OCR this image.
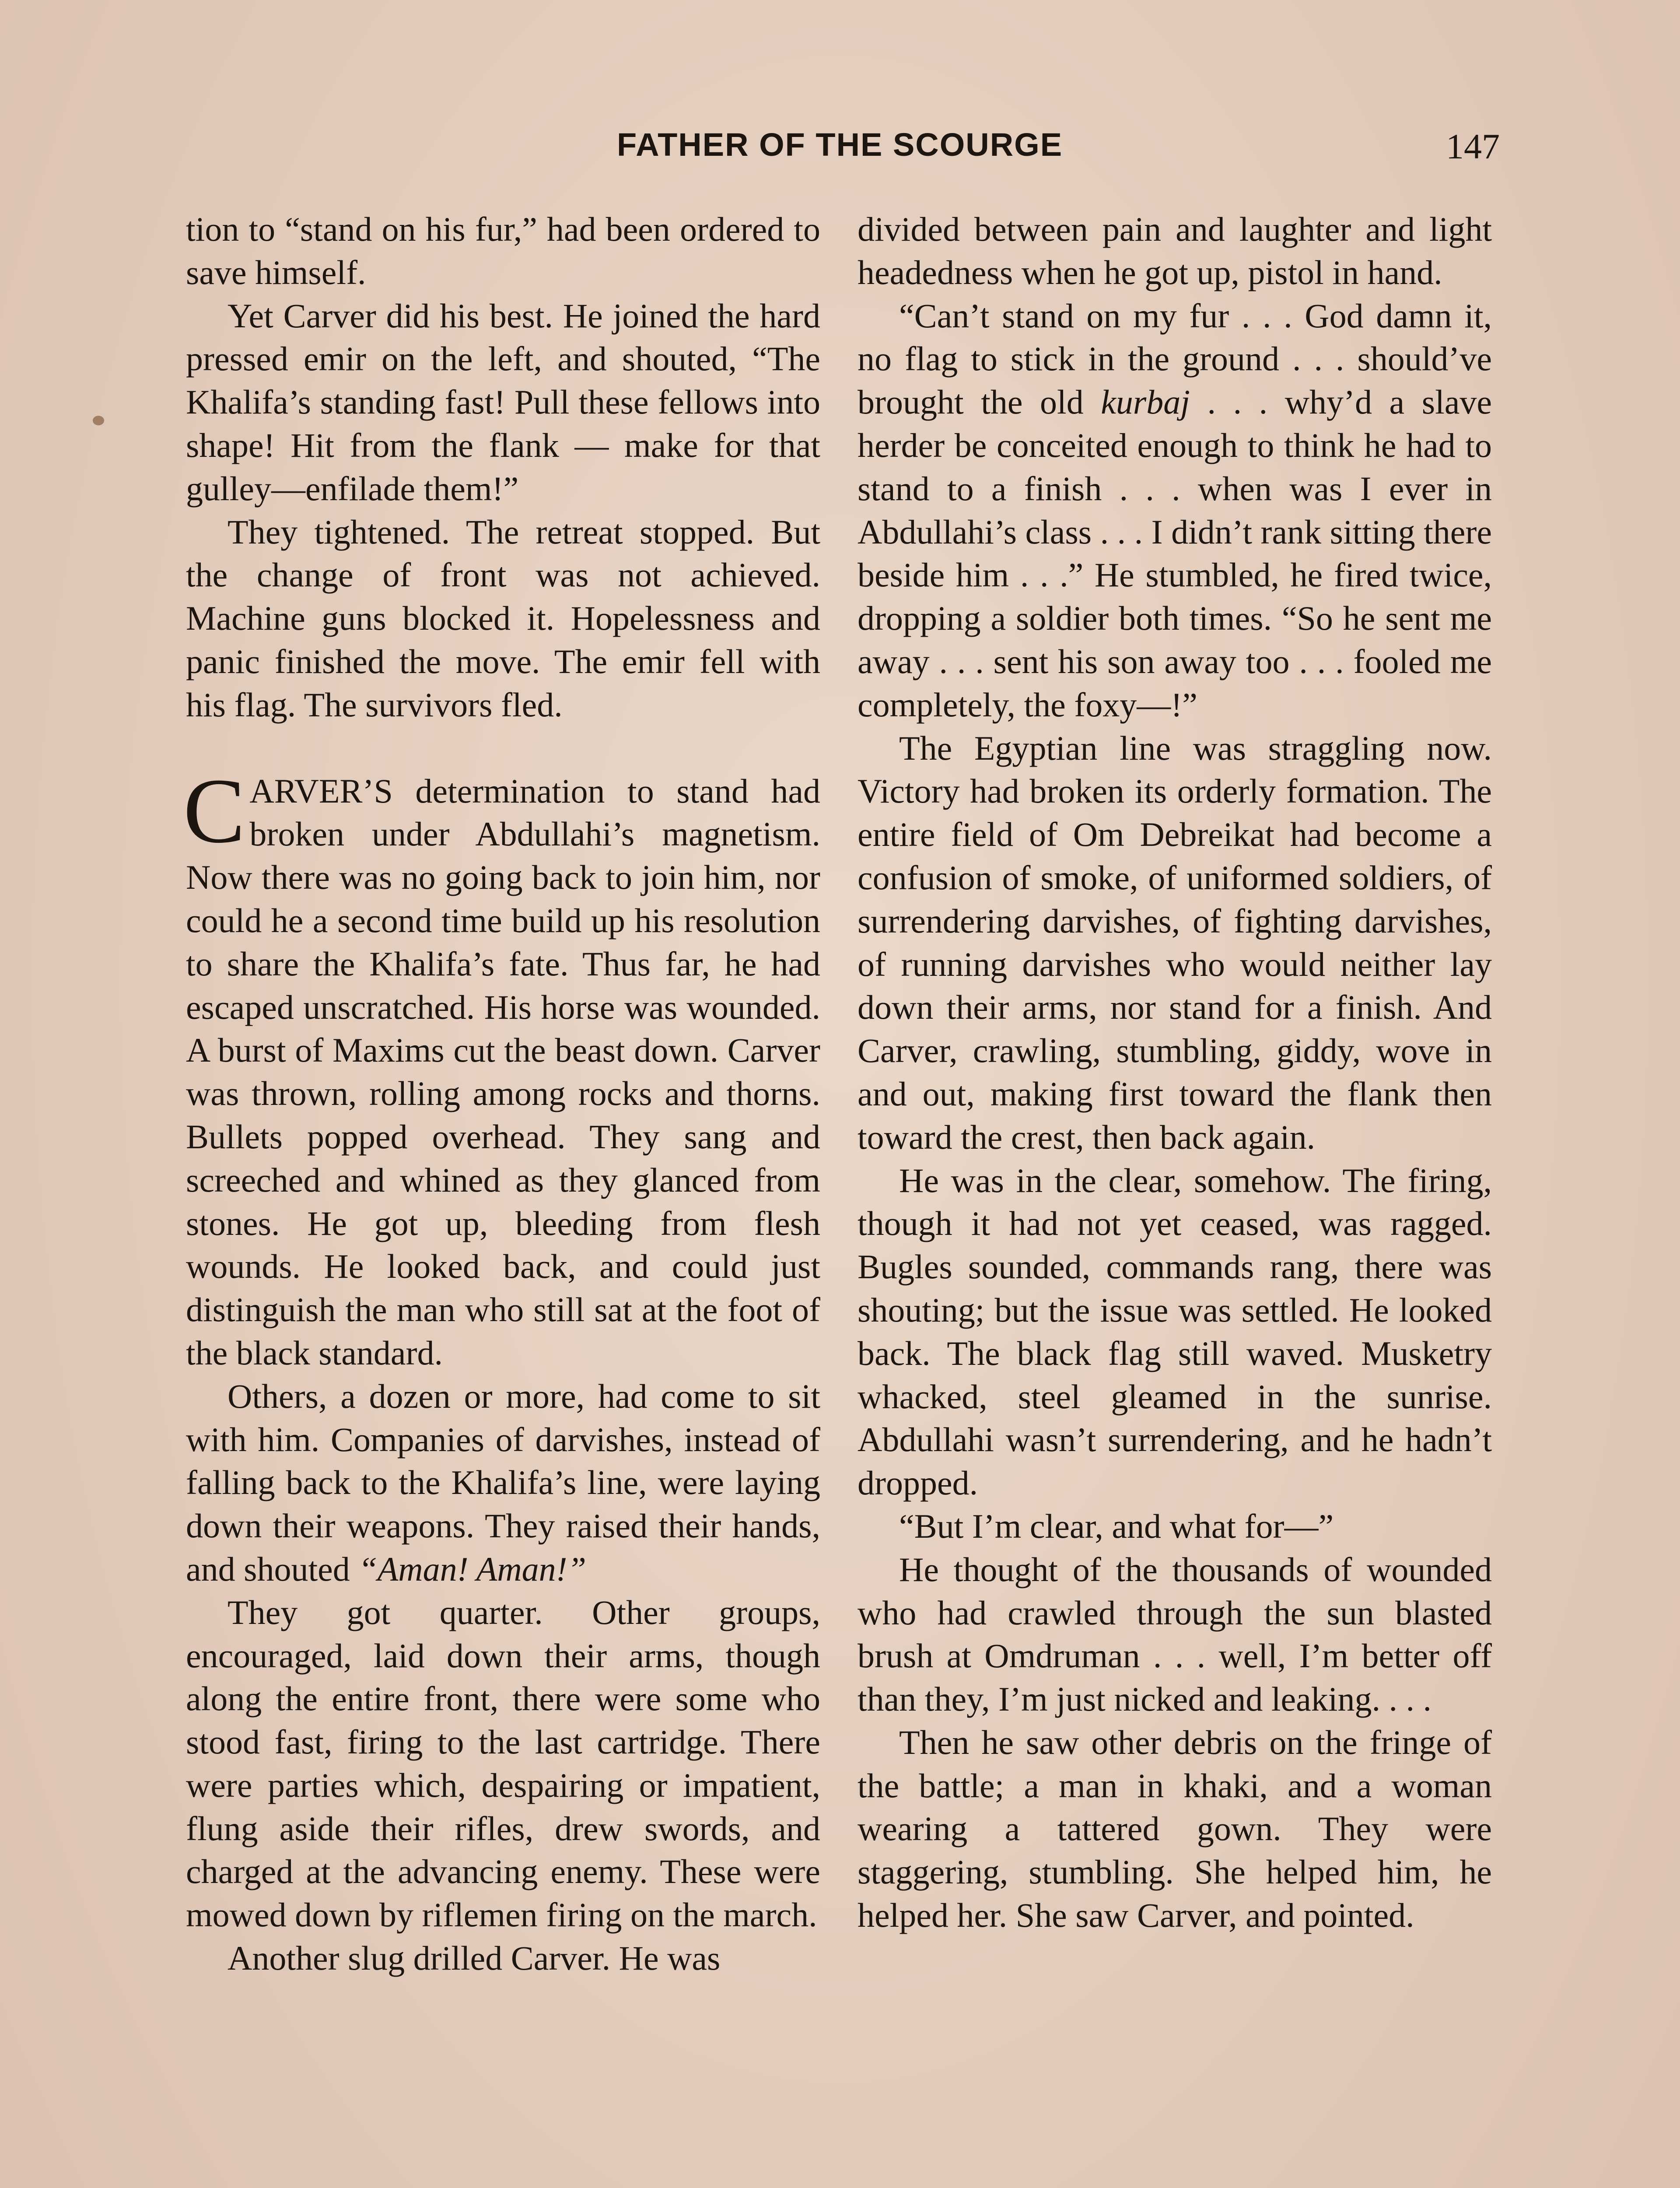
FATHER OF THE SCOURGE	147

tion to “stand on his fur,” had been ordered to save himself.

Yet Carver did his best. He joined the hard pressed emir on the left, and shouted, “The Khalifa’s standing fast! Pull these fellows into shape! Hit from the flank — make for that gulley—enfilade them!”

They tightened. The retreat stopped. But the change of front was not achieved. Machine guns blocked it. Hopelessness and panic finished the move. The emir fell with his flag. The survivors fled.

CARVER’S determination to stand had broken under Abdullahi’s magnetism. Now there was no going back to join him, nor could he a second time build up his resolution to share the Khalifa’s fate. Thus far, he had escaped unscratched. His horse was wounded. A burst of Maxims cut the beast down. Carver was thrown, rolling among rocks and thorns. Bullets popped overhead. They sang and screeched and whined as they glanced from stones. He got up, bleeding from flesh wounds. He looked back, and could just distinguish the man who still sat at the foot of the black standard.

Others, a dozen or more, had come to sit with him. Companies of darvishes, instead of falling back to the Khalifa’s line, were laying down their weapons. They raised their hands, and shouted “Aman! Aman!”

They got quarter. Other groups, encouraged, laid down their arms, though along the entire front, there were some who stood fast, firing to the last cartridge. There were parties which, despairing or impatient, flung aside their rifles, drew swords, and charged at the advancing enemy. These were mowed down by riflemen firing on the march.

Another slug drilled Carver. He was

divided between pain and laughter and light headedness when he got up, pistol in hand.

“Can’t stand on my fur . . . God damn it, no flag to stick in the ground . . . should’ve brought the old kurbaj . . . why’d a slave herder be conceited enough to think he had to stand to a finish . . . when was I ever in Abdullahi’s class . . . I didn’t rank sitting there beside him . . .” He stumbled, he fired twice, dropping a soldier both times. “So he sent me away . . . sent his son away too . . . fooled me completely, the foxy—!”

The Egyptian line was straggling now. Victory had broken its orderly formation. The entire field of Om Debreikat had become a confusion of smoke, of uniformed soldiers, of surrendering darvishes, of fighting darvishes, of running darvishes who would neither lay down their arms, nor stand for a finish. And Carver, crawling, stumbling, giddy, wove in and out, making first toward the flank then toward the crest, then back again.

He was in the clear, somehow. The firing, though it had not yet ceased, was ragged. Bugles sounded, commands rang, there was shouting; but the issue was settled. He looked back. The black flag still waved. Musketry whacked, steel gleamed in the sunrise. Abdullahi wasn’t surrendering, and he hadn’t dropped.

“But I’m clear, and what for—”

He thought of the thousands of wounded who had crawled through the sun blasted brush at Omdruman . . . well, I’m better off than they, I’m just nicked and leaking. . . .

Then he saw other debris on the fringe of the battle; a man in khaki, and a woman wearing a tattered gown. They were staggering, stumbling. She helped him, he helped her. She saw Carver, and pointed.
